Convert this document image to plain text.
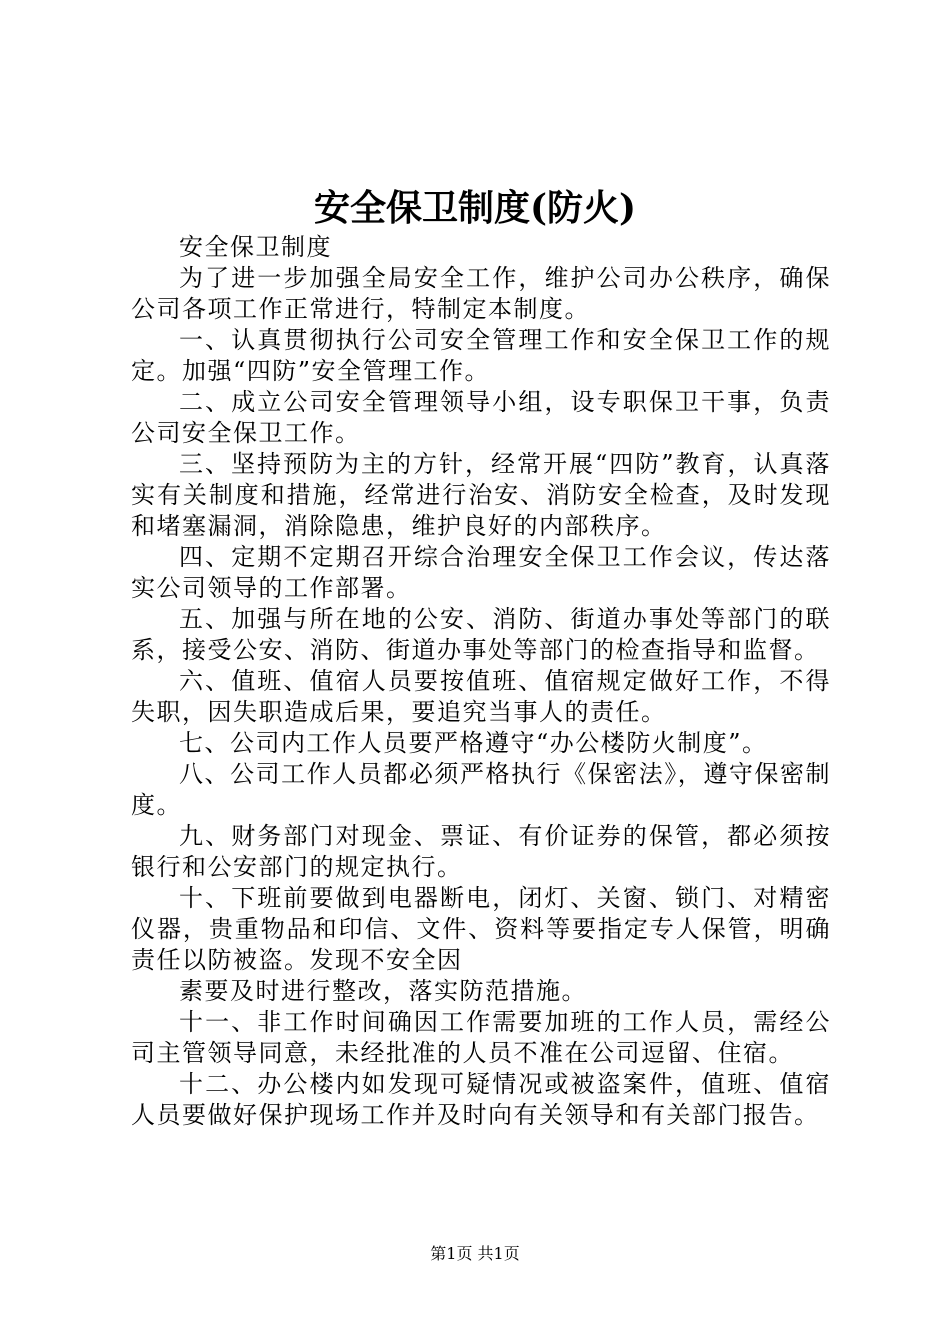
安全保卫制度(防火)

安全保卫制度

为了进一步加强全局安全工作，维护公司办公秩序，确保公司各项工作正常进行，特制定本制度。

一、认真贯彻执行公司安全管理工作和安全保卫工作的规定。加强“四防”安全管理工作。

二、成立公司安全管理领导小组，设专职保卫干事，负责公司安全保卫工作。

三、坚持预防为主的方针，经常开展“四防”教育，认真落实有关制度和措施，经常进行治安、消防安全检查，及时发现和堵塞漏洞，消除隐患，维护良好的内部秩序。

四、定期不定期召开综合治理安全保卫工作会议，传达落实公司领导的工作部署。

五、加强与所在地的公安、消防、街道办事处等部门的联系，接受公安、消防、街道办事处等部门的检查指导和监督。

六、值班、值宿人员要按值班、值宿规定做好工作，不得失职，因失职造成后果，要追究当事人的责任。

七、公司内工作人员要严格遵守“办公楼防火制度”。

八、公司工作人员都必须严格执行《保密法》，遵守保密制度。

九、财务部门对现金、票证、有价证券的保管，都必须按银行和公安部门的规定执行。

十、下班前要做到电器断电，闭灯、关窗、锁门、对精密仪器，贵重物品和印信、文件、资料等要指定专人保管，明确责任以防被盗。发现不安全因

素要及时进行整改，落实防范措施。

十一、非工作时间确因工作需要加班的工作人员，需经公司主管领导同意，未经批准的人员不准在公司逗留、住宿。

十二、办公楼内如发现可疑情况或被盗案件，值班、值宿人员要做好保护现场工作并及时向有关领导和有关部门报告。

第1页 共1页
